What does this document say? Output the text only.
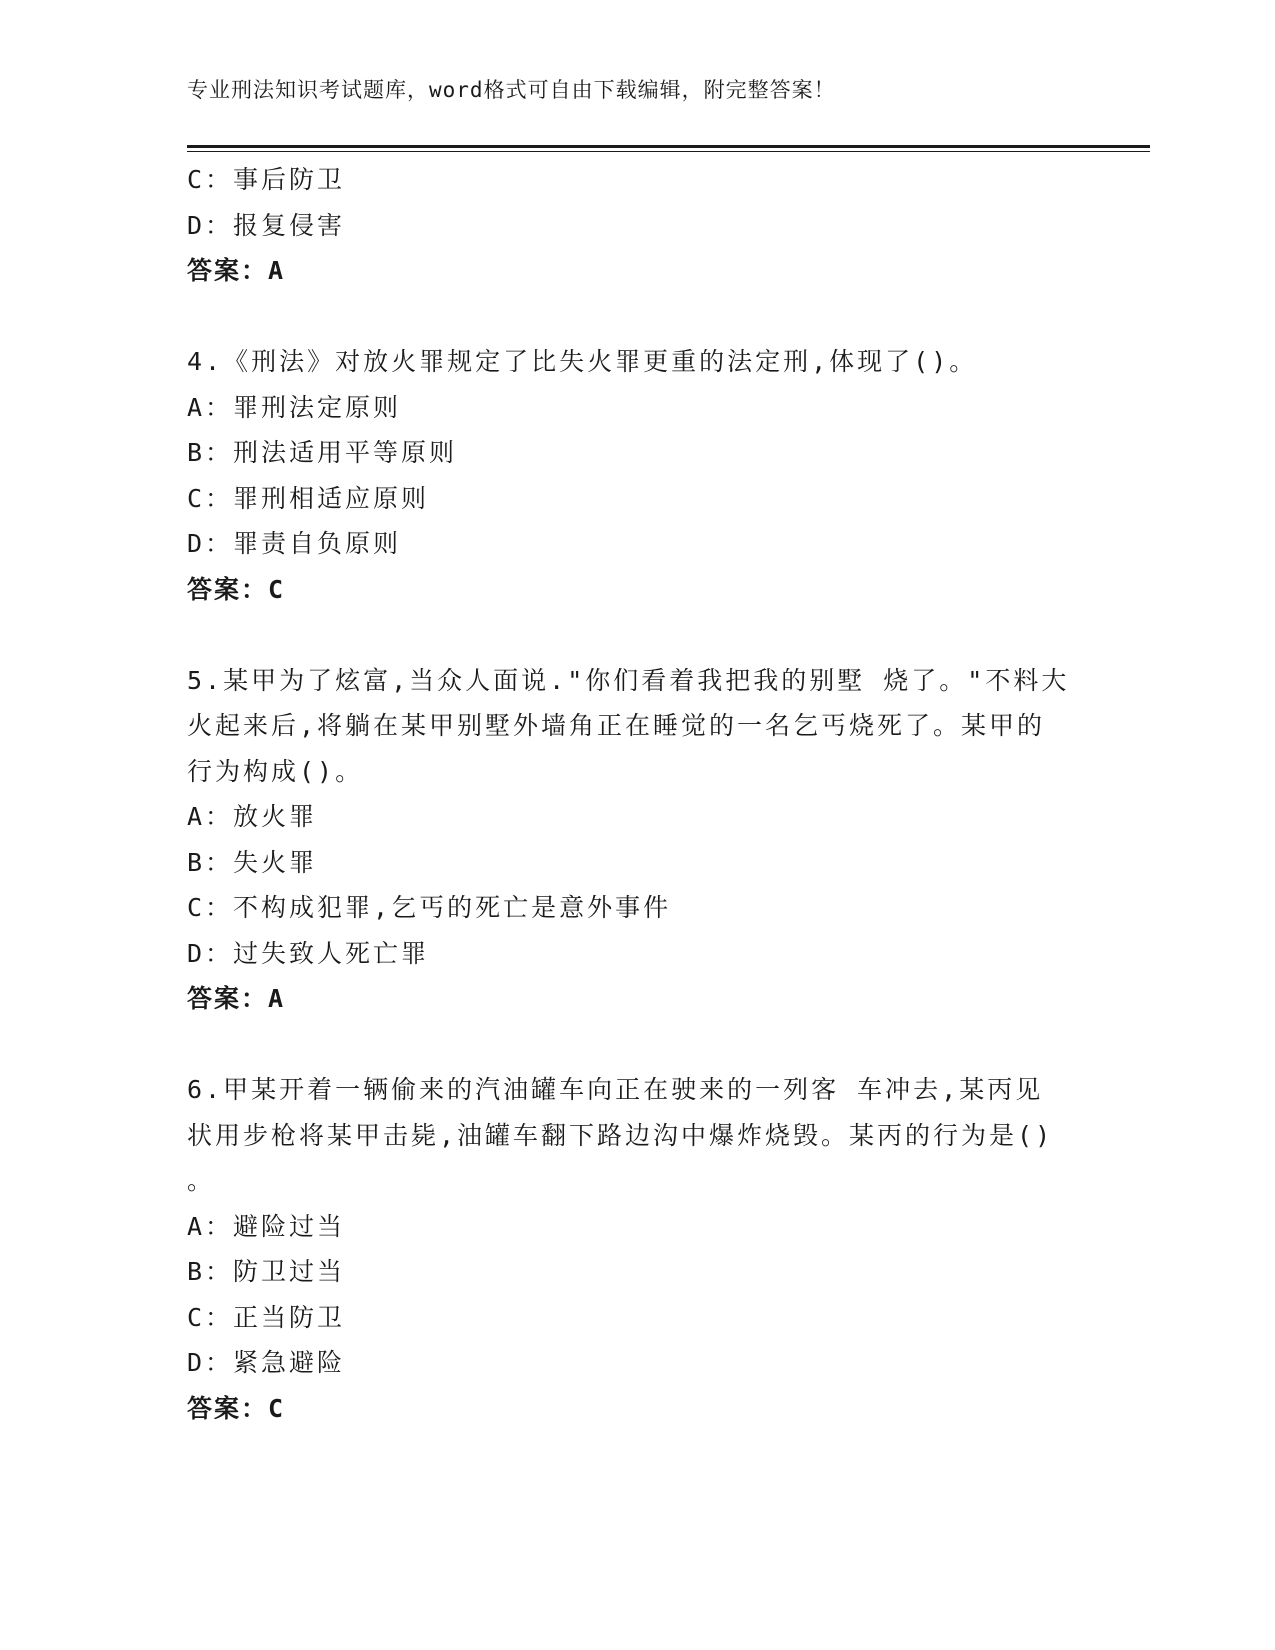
专业刑法知识考试题库，word格式可自由下载编辑，附完整答案！
C：事后防卫
D：报复侵害
答案：A
4.《刑法》对放火罪规定了比失火罪更重的法定刑,体现了()。
A：罪刑法定原则
B：刑法适用平等原则
C：罪刑相适应原则
D：罪责自负原则
答案：C
5.某甲为了炫富,当众人面说."你们看着我把我的别墅 烧了。"不料大
火起来后,将躺在某甲别墅外墙角正在睡觉的一名乞丐烧死了。某甲的
行为构成()。
A：放火罪
B：失火罪
C：不构成犯罪,乞丐的死亡是意外事件
D：过失致人死亡罪
答案：A
6.甲某开着一辆偷来的汽油罐车向正在驶来的一列客 车冲去,某丙见
状用步枪将某甲击毙,油罐车翻下路边沟中爆炸烧毁。某丙的行为是()
。
A：避险过当
B：防卫过当
C：正当防卫
D：紧急避险
答案：C
